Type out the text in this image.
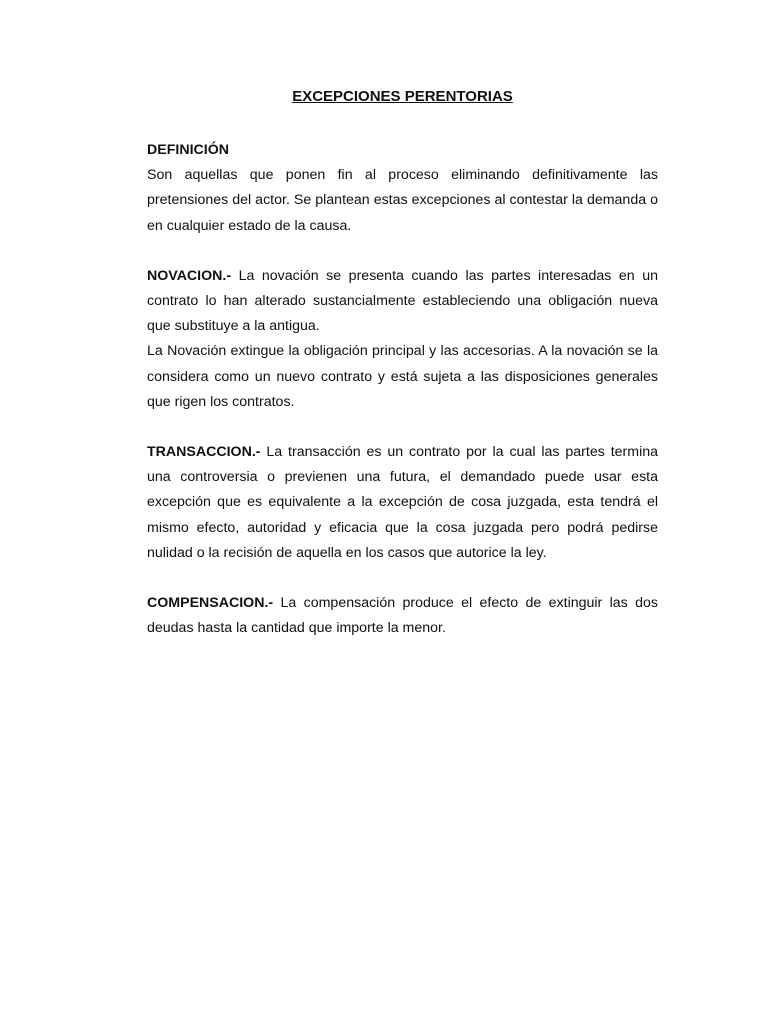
EXCEPCIONES PERENTORIAS
DEFINICIÓN

Son aquellas que ponen fin al proceso eliminando definitivamente las pretensiones del actor. Se plantean estas excepciones al contestar la demanda o en cualquier estado de la causa.

NOVACION.- La novación se presenta cuando las partes interesadas en un contrato lo han alterado sustancialmente estableciendo una obligación nueva que substituye a la antigua.

La Novación extingue la obligación principal y las accesorias. A la novación se la considera como un nuevo contrato y está sujeta a las disposiciones generales que rigen los contratos.

TRANSACCION.- La transacción es un contrato por la cual las partes termina una controversia o previenen una futura, el demandado puede usar esta excepción que es equivalente a la excepción de cosa juzgada, esta tendrá el mismo efecto, autoridad y eficacia que la cosa juzgada pero podrá pedirse nulidad o la recisión de aquella en los casos que autorice la ley.

COMPENSACION.- La compensación produce el efecto de extinguir las dos deudas hasta la cantidad que importe la menor.
